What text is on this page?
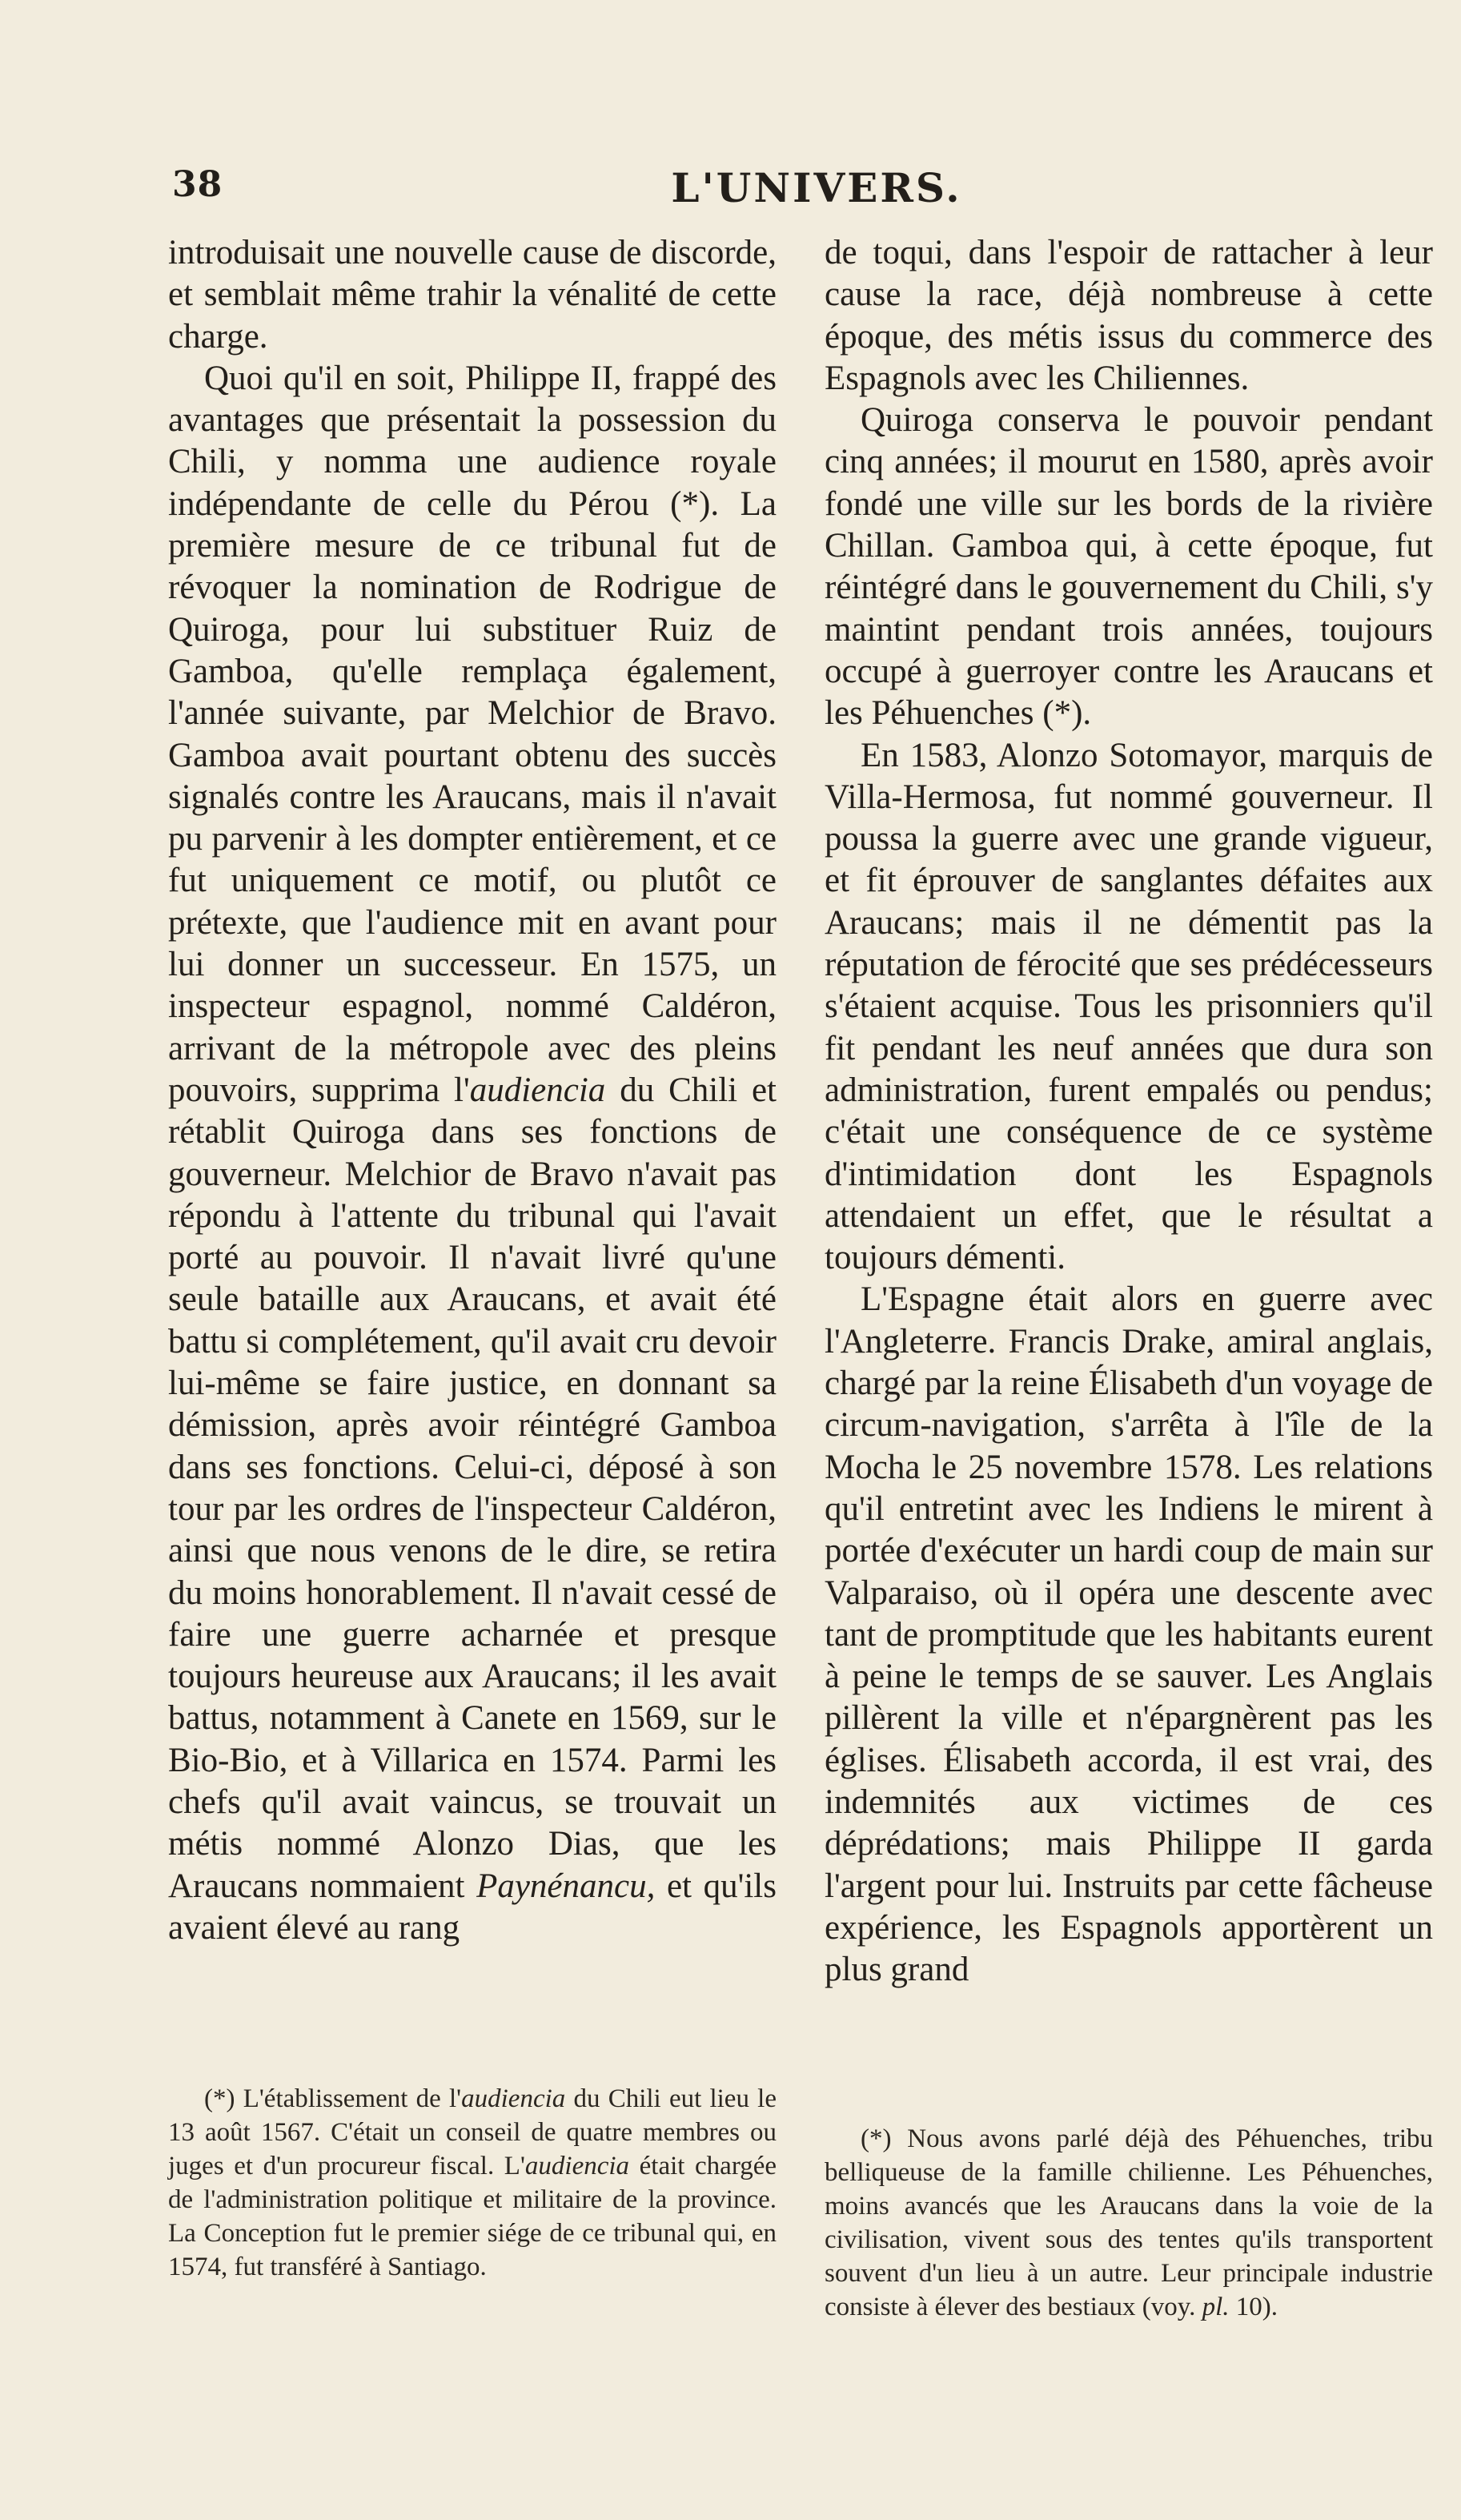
38	L'UNIVERS.

introduisait une nouvelle cause de discorde, et semblait même trahir la vénalité de cette charge.

Quoi qu'il en soit, Philippe II, frappé des avantages que présentait la possession du Chili, y nomma une audience royale indépendante de celle du Pérou (*). La première mesure de ce tribunal fut de révoquer la nomination de Rodrigue de Quiroga, pour lui substituer Ruiz de Gamboa, qu'elle remplaça également, l'année suivante, par Melchior de Bravo. Gamboa avait pourtant obtenu des succès signalés contre les Araucans, mais il n'avait pu parvenir à les dompter entièrement, et ce fut uniquement ce motif, ou plutôt ce prétexte, que l'audience mit en avant pour lui donner un successeur. En 1575, un inspecteur espagnol, nommé Caldéron, arrivant de la métropole avec des pleins pouvoirs, supprima l'audiencia du Chili et rétablit Quiroga dans ses fonctions de gouverneur. Melchior de Bravo n'avait pas répondu à l'attente du tribunal qui l'avait porté au pouvoir. Il n'avait livré qu'une seule bataille aux Araucans, et avait été battu si complétement, qu'il avait cru devoir lui-même se faire justice, en donnant sa démission, après avoir réintégré Gamboa dans ses fonctions. Celui-ci, déposé à son tour par les ordres de l'inspecteur Caldéron, ainsi que nous venons de le dire, se retira du moins honorablement. Il n'avait cessé de faire une guerre acharnée et presque toujours heureuse aux Araucans; il les avait battus, notamment à Canete en 1569, sur le Bio-Bio, et à Villarica en 1574. Parmi les chefs qu'il avait vaincus, se trouvait un métis nommé Alonzo Dias, que les Araucans nommaient Paynénancu, et qu'ils avaient élevé au rang

de toqui, dans l'espoir de rattacher à leur cause la race, déjà nombreuse à cette époque, des métis issus du commerce des Espagnols avec les Chiliennes.

Quiroga conserva le pouvoir pendant cinq années; il mourut en 1580, après avoir fondé une ville sur les bords de la rivière Chillan. Gamboa qui, à cette époque, fut réintégré dans le gouvernement du Chili, s'y maintint pendant trois années, toujours occupé à guerroyer contre les Araucans et les Péhuenches (*).

En 1583, Alonzo Sotomayor, marquis de Villa-Hermosa, fut nommé gouverneur. Il poussa la guerre avec une grande vigueur, et fit éprouver de sanglantes défaites aux Araucans; mais il ne démentit pas la réputation de férocité que ses prédécesseurs s'étaient acquise. Tous les prisonniers qu'il fit pendant les neuf années que dura son administration, furent empalés ou pendus; c'était une conséquence de ce système d'intimidation dont les Espagnols attendaient un effet, que le résultat a toujours démenti.

L'Espagne était alors en guerre avec l'Angleterre. Francis Drake, amiral anglais, chargé par la reine Élisabeth d'un voyage de circum-navigation, s'arrêta à l'île de la Mocha le 25 novembre 1578. Les relations qu'il entretint avec les Indiens le mirent à portée d'exécuter un hardi coup de main sur Valparaiso, où il opéra une descente avec tant de promptitude que les habitants eurent à peine le temps de se sauver. Les Anglais pillèrent la ville et n'épargnèrent pas les églises. Élisabeth accorda, il est vrai, des indemnités aux victimes de ces déprédations; mais Philippe II garda l'argent pour lui. Instruits par cette fâcheuse expérience, les Espagnols apportèrent un plus grand

(*) L'établissement de l'audiencia du Chili eut lieu le 13 août 1567. C'était un conseil de quatre membres ou juges et d'un procureur fiscal. L'audiencia était chargée de l'administration politique et militaire de la province. La Conception fut le premier siége de ce tribunal qui, en 1574, fut transféré à Santiago.

(*) Nous avons parlé déjà des Péhuenches, tribu belliqueuse de la famille chilienne. Les Péhuenches, moins avancés que les Araucans dans la voie de la civilisation, vivent sous des tentes qu'ils transportent souvent d'un lieu à un autre. Leur principale industrie consiste à élever des bestiaux (voy. pl. 10).
